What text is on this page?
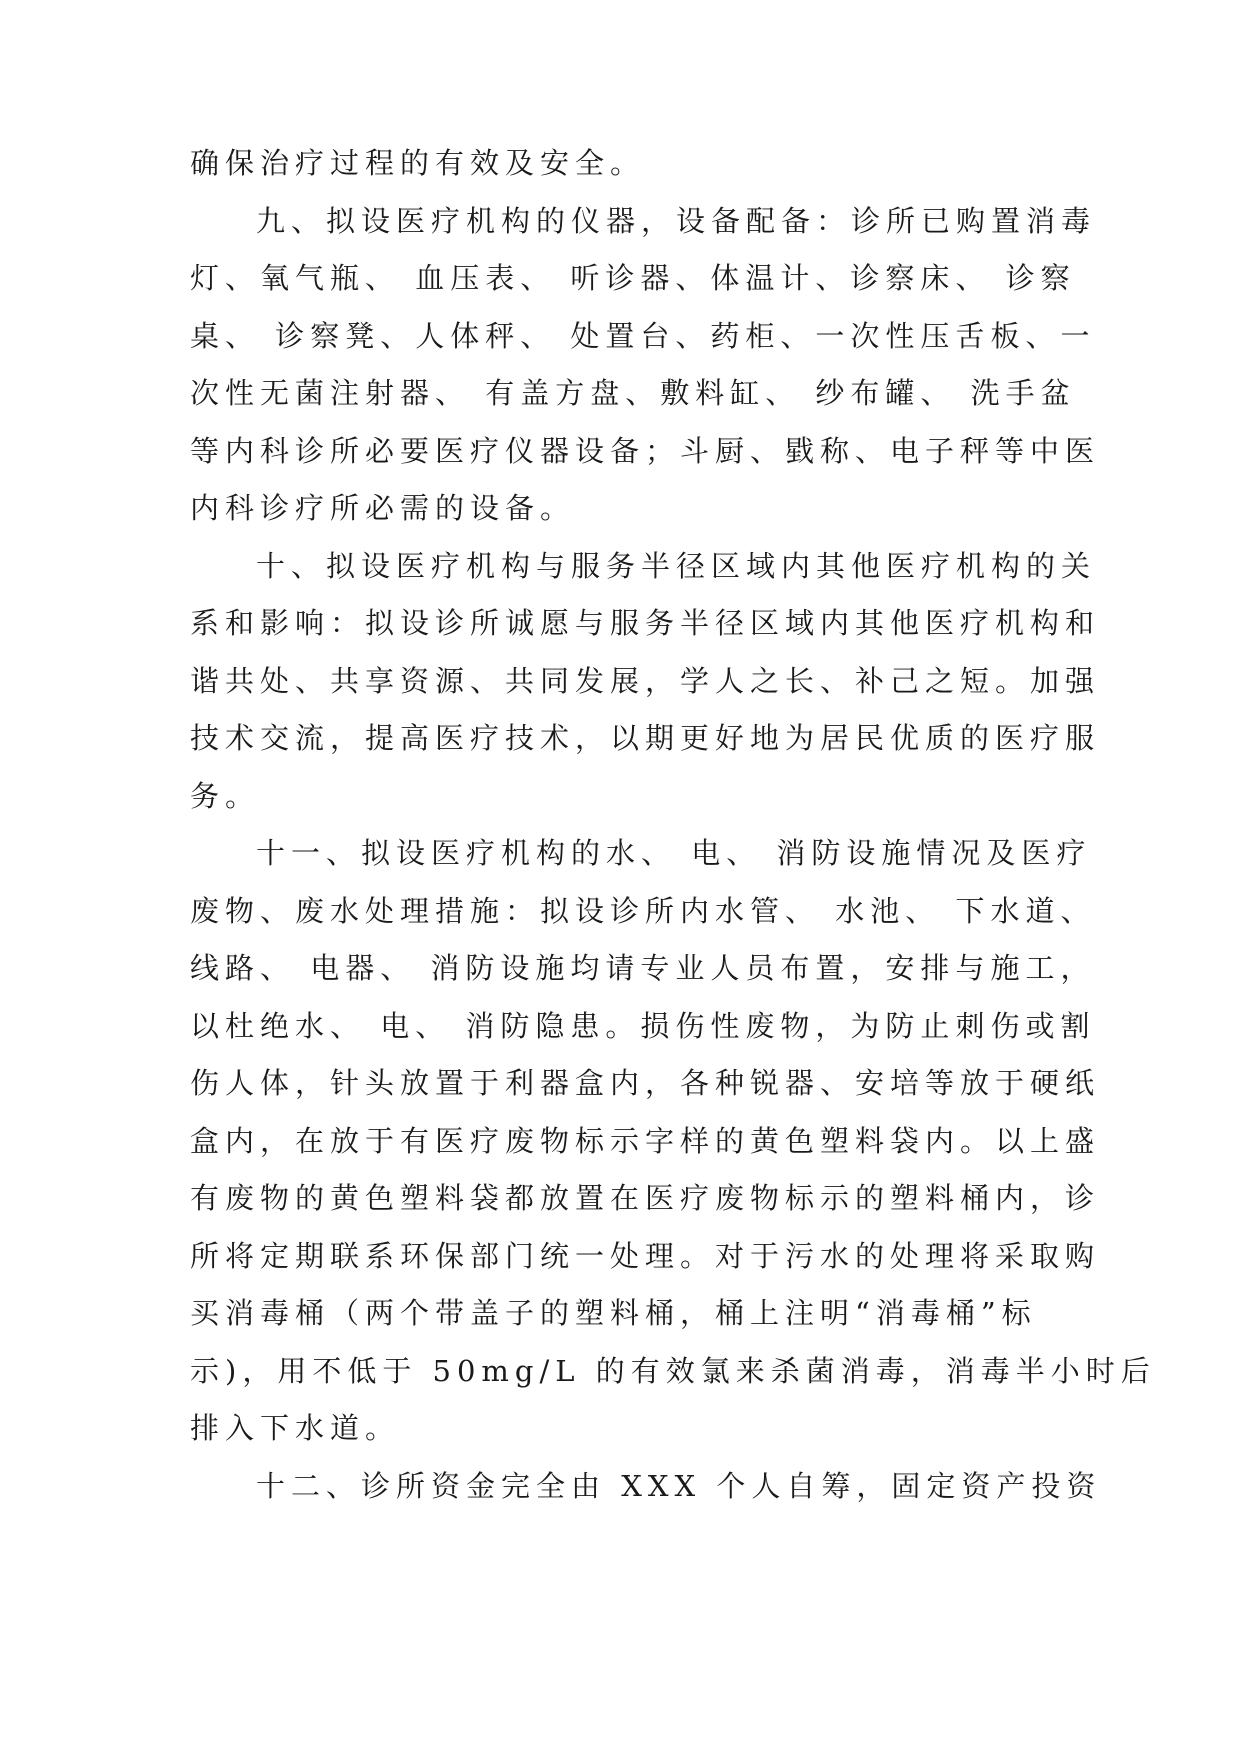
确保治疗过程的有效及安全。
九、拟设医疗机构的仪器，设备配备：诊所已购置消毒
灯、氧气瓶、 血压表、 听诊器、体温计、诊察床、 诊察
桌、 诊察凳、人体秤、 处置台、药柜、一次性压舌板、一
次性无菌注射器、 有盖方盘、敷料缸、 纱布罐、 洗手盆
等内科诊所必要医疗仪器设备；斗厨、戥称、电子秤等中医
内科诊疗所必需的设备。
十、拟设医疗机构与服务半径区域内其他医疗机构的关
系和影响：拟设诊所诚愿与服务半径区域内其他医疗机构和
谐共处、共享资源、共同发展，学人之长、补己之短。加强
技术交流，提高医疗技术，以期更好地为居民优质的医疗服
务。
十一、拟设医疗机构的水、 电、 消防设施情况及医疗
废物、废水处理措施：拟设诊所内水管、 水池、 下水道、
线路、 电器、 消防设施均请专业人员布置，安排与施工，
以杜绝水、 电、 消防隐患。损伤性废物，为防止刺伤或割
伤人体，针头放置于利器盒内，各种锐器、安培等放于硬纸
盒内，在放于有医疗废物标示字样的黄色塑料袋内。以上盛
有废物的黄色塑料袋都放置在医疗废物标示的塑料桶内，诊
所将定期联系环保部门统一处理。对于污水的处理将采取购
买消毒桶（两个带盖子的塑料桶，桶上注明“消毒桶”标
示)，用不低于 50mg/L 的有效氯来杀菌消毒，消毒半小时后
排入下水道。
十二、诊所资金完全由 XXX 个人自筹，固定资产投资
